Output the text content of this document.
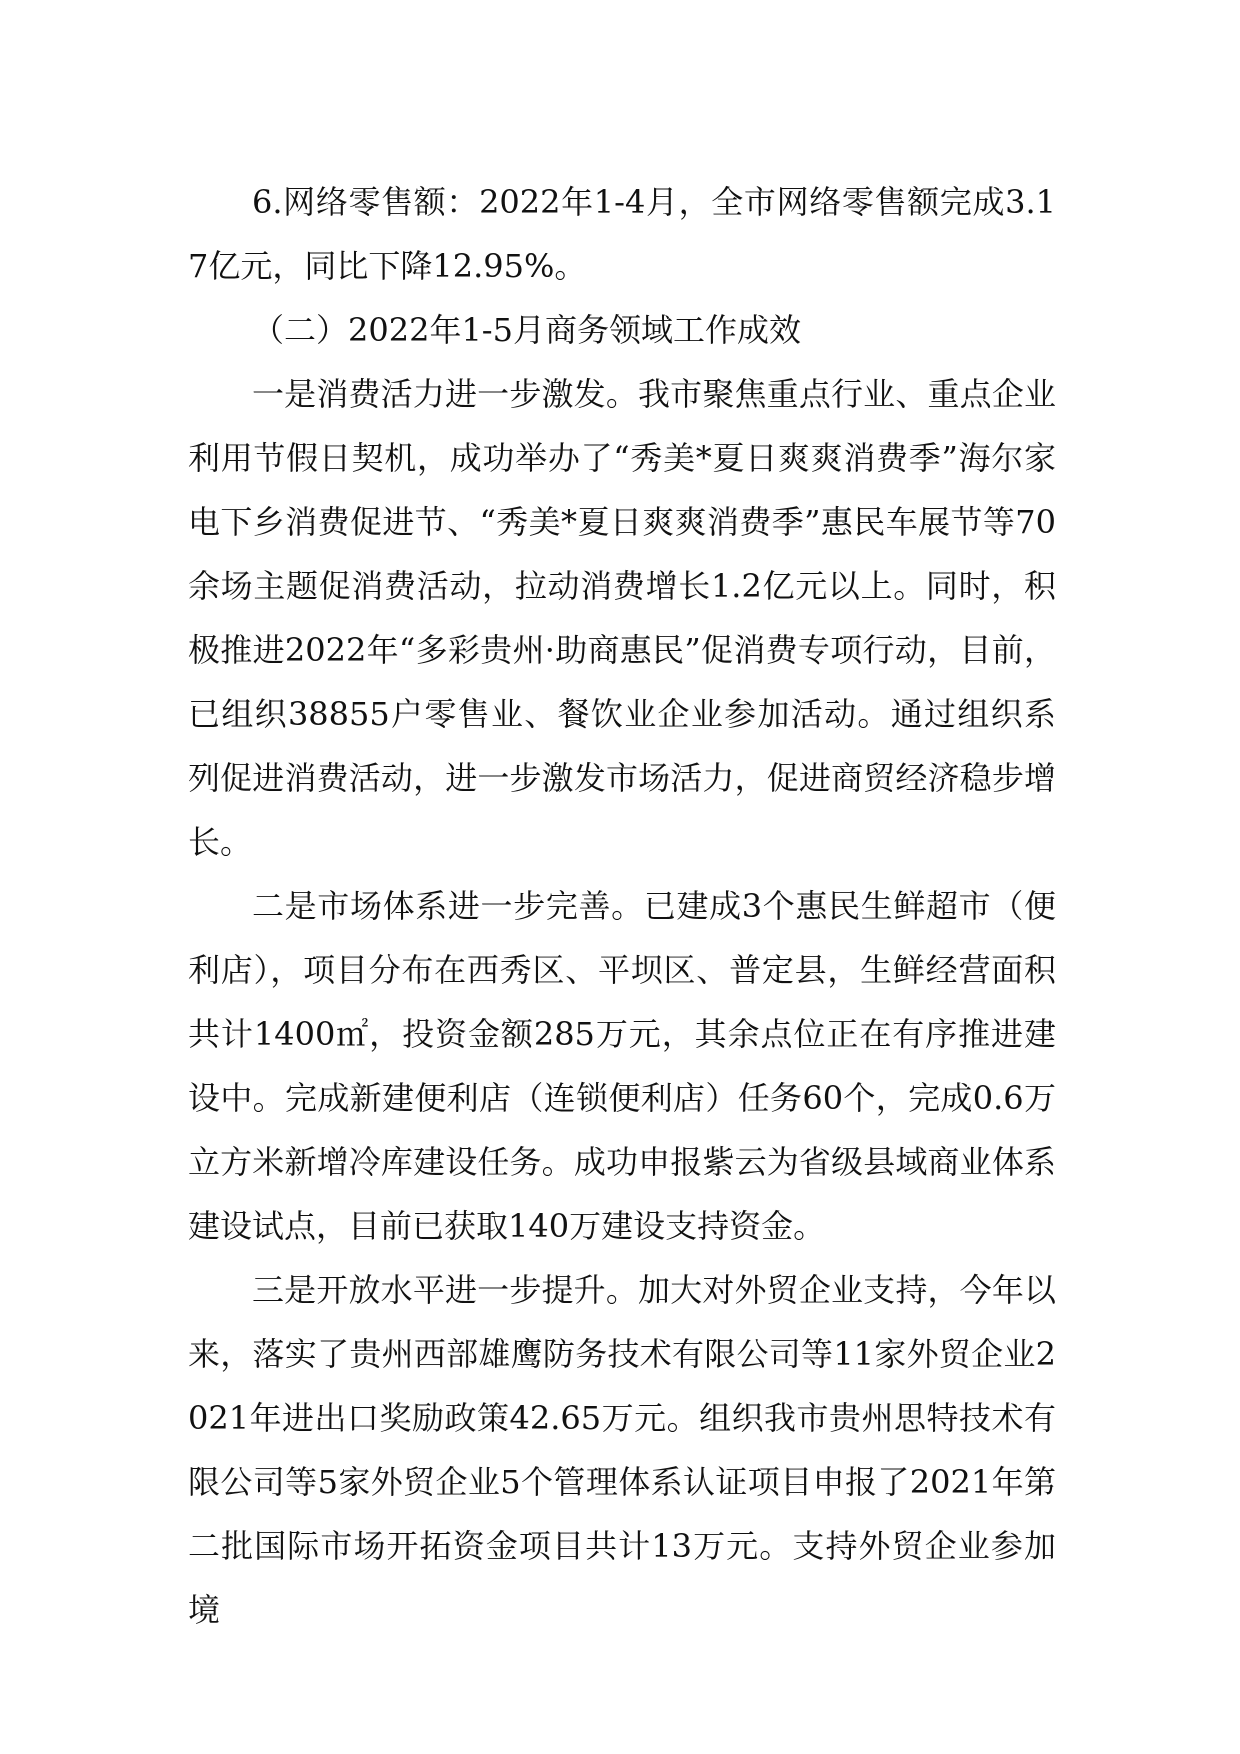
6.网络零售额：2022年1-4月，全市网络零售额完成3.17亿元，同比下降12.95%。

（二）2022年1-5月商务领域工作成效

一是消费活力进一步激发。我市聚焦重点行业、重点企业利用节假日契机，成功举办了“秀美*夏日爽爽消费季”海尔家电下乡消费促进节、“秀美*夏日爽爽消费季”惠民车展节等70余场主题促消费活动，拉动消费增长1.2亿元以上。同时，积极推进2022年“多彩贵州·助商惠民”促消费专项行动，目前，已组织38855户零售业、餐饮业企业参加活动。通过组织系列促进消费活动，进一步激发市场活力，促进商贸经济稳步增长。

二是市场体系进一步完善。已建成3个惠民生鲜超市（便利店），项目分布在西秀区、平坝区、普定县，生鲜经营面积共计1400㎡，投资金额285万元，其余点位正在有序推进建设中。完成新建便利店（连锁便利店）任务60个，完成0.6万立方米新增冷库建设任务。成功申报紫云为省级县域商业体系建设试点，目前已获取140万建设支持资金。

三是开放水平进一步提升。加大对外贸企业支持，今年以来，落实了贵州西部雄鹰防务技术有限公司等11家外贸企业2021年进出口奖励政策42.65万元。组织我市贵州思特技术有限公司等5家外贸企业5个管理体系认证项目申报了2021年第二批国际市场开拓资金项目共计13万元。支持外贸企业参加境
